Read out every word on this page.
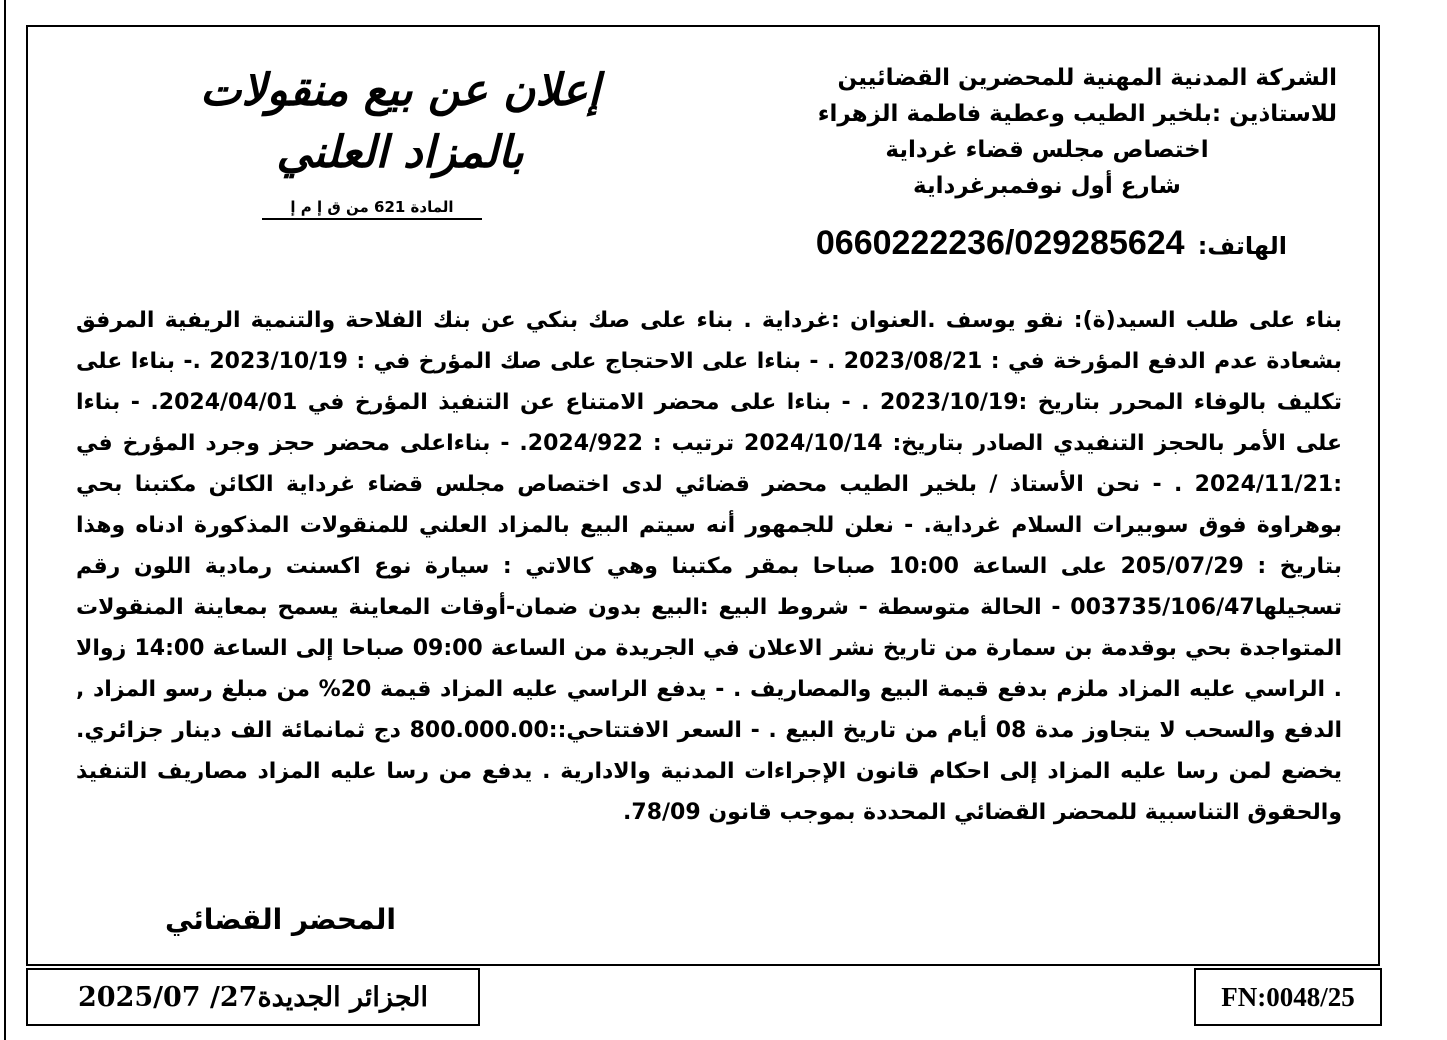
إعلان عن بيع منقولات
بالمزاد العلني
المادة 621 من ق إ م إ
الشركة المدنية المهنية للمحضرين القضائيين
للاستاذين :بلخير الطيب وعطية فاطمة الزهراء
اختصاص مجلس قضاء غرداية
شارع أول نوفمبرغرداية
الهاتف: 0660222236/029285624
بناء على طلب السيد(ة): نقو يوسف .العنوان :غرداية . بناء على صك بنكي عن بنك الفلاحة والتنمية الريفية المرفق بشعادة عدم الدفع المؤرخة في : 2023/08/21 . - بناءا على الاحتجاج على صك المؤرخ في : 2023/10/19 .- بناءا على تكليف بالوفاء المحرر بتاريخ :2023/10/19 . - بناءا على محضر الامتناع عن التنفيذ المؤرخ في 2024/04/01. - بناءا على الأمر بالحجز التنفيدي الصادر بتاريخ: 2024/10/14 ترتيب : 2024/922. - بناءاعلى محضر حجز وجرد المؤرخ في :2024/11/21 . - نحن الأستاذ / بلخير الطيب محضر قضائي لدى اختصاص مجلس قضاء غرداية الكائن مكتبنا بحي بوهراوة فوق سوبيرات السلام غرداية. - نعلن للجمهور أنه سيتم البيع بالمزاد العلني للمنقولات المذكورة ادناه وهذا بتاريخ : 205/07/29 على الساعة 10:00 صباحا بمقر مكتبنا وهي كالاتي : سيارة نوع اكسنت رمادية اللون رقم تسجيلها003735/106/47 - الحالة متوسطة - شروط البيع :البيع بدون ضمان-أوقات المعاينة يسمح بمعاينة المنقولات المتواجدة بحي بوقدمة بن سمارة من تاريخ نشر الاعلان في الجريدة من الساعة 09:00 صباحا إلى الساعة 14:00 زوالا . الراسي عليه المزاد ملزم بدفع قيمة البيع والمصاريف . - يدفع الراسي عليه المزاد قيمة 20% من مبلغ رسو المزاد , الدفع والسحب لا يتجاوز مدة 08 أيام من تاريخ البيع . - السعر الافتتاحي::800.000.00 دج ثمانمائة الف دينار جزائري. يخضع لمن رسا عليه المزاد إلى احكام قانون الإجراءات المدنية والادارية . يدفع من رسا عليه المزاد مصاريف التنفيذ والحقوق التناسبية للمحضر القضائي المحددة بموجب قانون 78/09.
المحضر القضائي
الجزائر الجديدة27/ 2025/07	FN:0048/25
